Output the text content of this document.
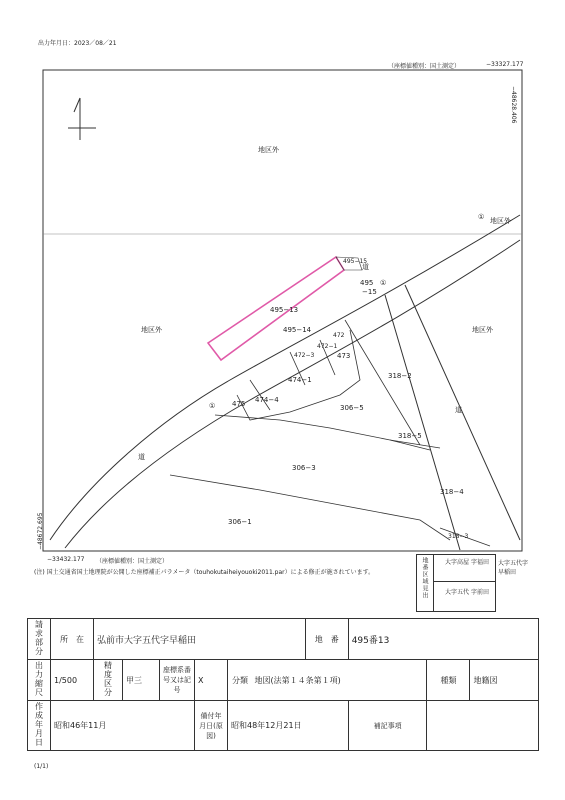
出力年月日：2023／08／21
（座標値種別：国土測定）	−33327.177
−48628.406
地区外
① 地区外
地区外	地区外
道
道
道
①
①
495−13
495−14
495
−15
495−15
474−1
474−4
475
473
472−1
472−3
472
318−2
306−5
318−5
318−4
306−3
306−1
318−3
−48672.695
−33432.177 （座標値種別：国土測定）
(注) 国土交通省国土地理院が公開した座標補正パラメータ（touhokutaiheiyouoki2011.par）による修正が施されています。	地番区域見出	大字高屋 字福田
大字五代 字前田
大字五代字 早稲田
請求部分	所　在	弘前市大字五代字早稲田					地　番	495番13		
出力縮尺	1/500	精度区分	甲三	座標系番号又は記号	X	分類 地図(法第１４条第１項)			種類	地籍図
作成年月日	昭和46年11月				備付年月日(原図)	昭和48年12月21日		補記事項		
(1/1)
